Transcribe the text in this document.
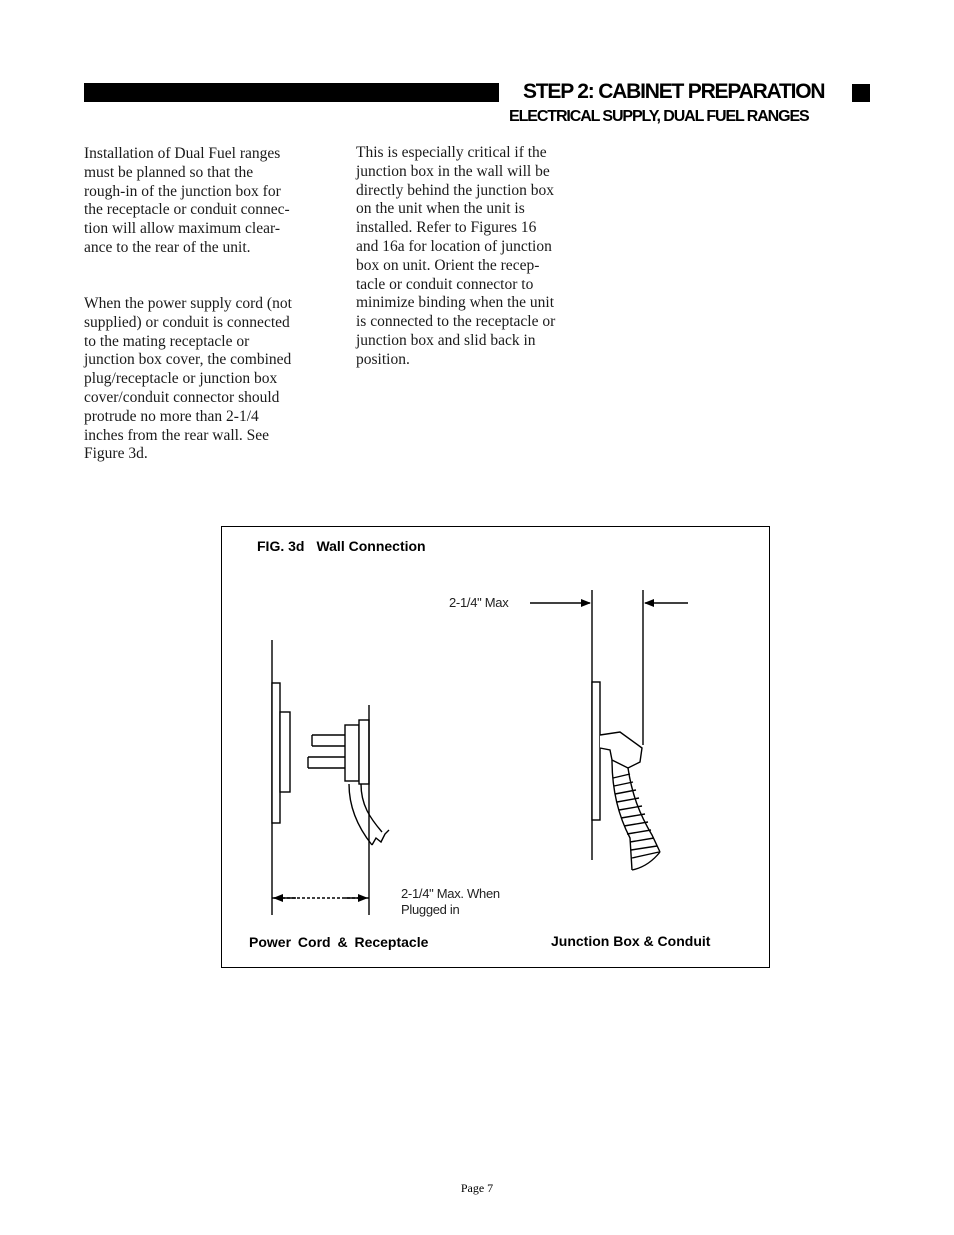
STEP 2: CABINET PREPARATION
ELECTRICAL SUPPLY, DUAL FUEL RANGES

Installation of Dual Fuel ranges
must be planned so that the
rough-in of the junction box for
the receptacle or conduit connec-
tion will allow maximum clear-
ance to the rear of the unit.

When the power supply cord (not
supplied) or conduit is connected
to the mating receptacle or
junction box cover, the combined
plug/receptacle or junction box
cover/conduit connector should
protrude no more than 2-1/4
inches from the rear wall. See
Figure 3d.

This is especially critical if the
junction box in the wall will be
directly behind the junction box
on the unit when the unit is
installed. Refer to Figures 16
and 16a for location of junction
box on unit. Orient the recep-
tacle or conduit connector to
minimize binding when the unit
is connected to the receptacle or
junction box and slid back in
position.

FIG. 3d Wall Connection
2-1/4" Max. When
Plugged in
2-1/4" Max
Power Cord & Receptacle	Junction Box & Conduit
Page 7
